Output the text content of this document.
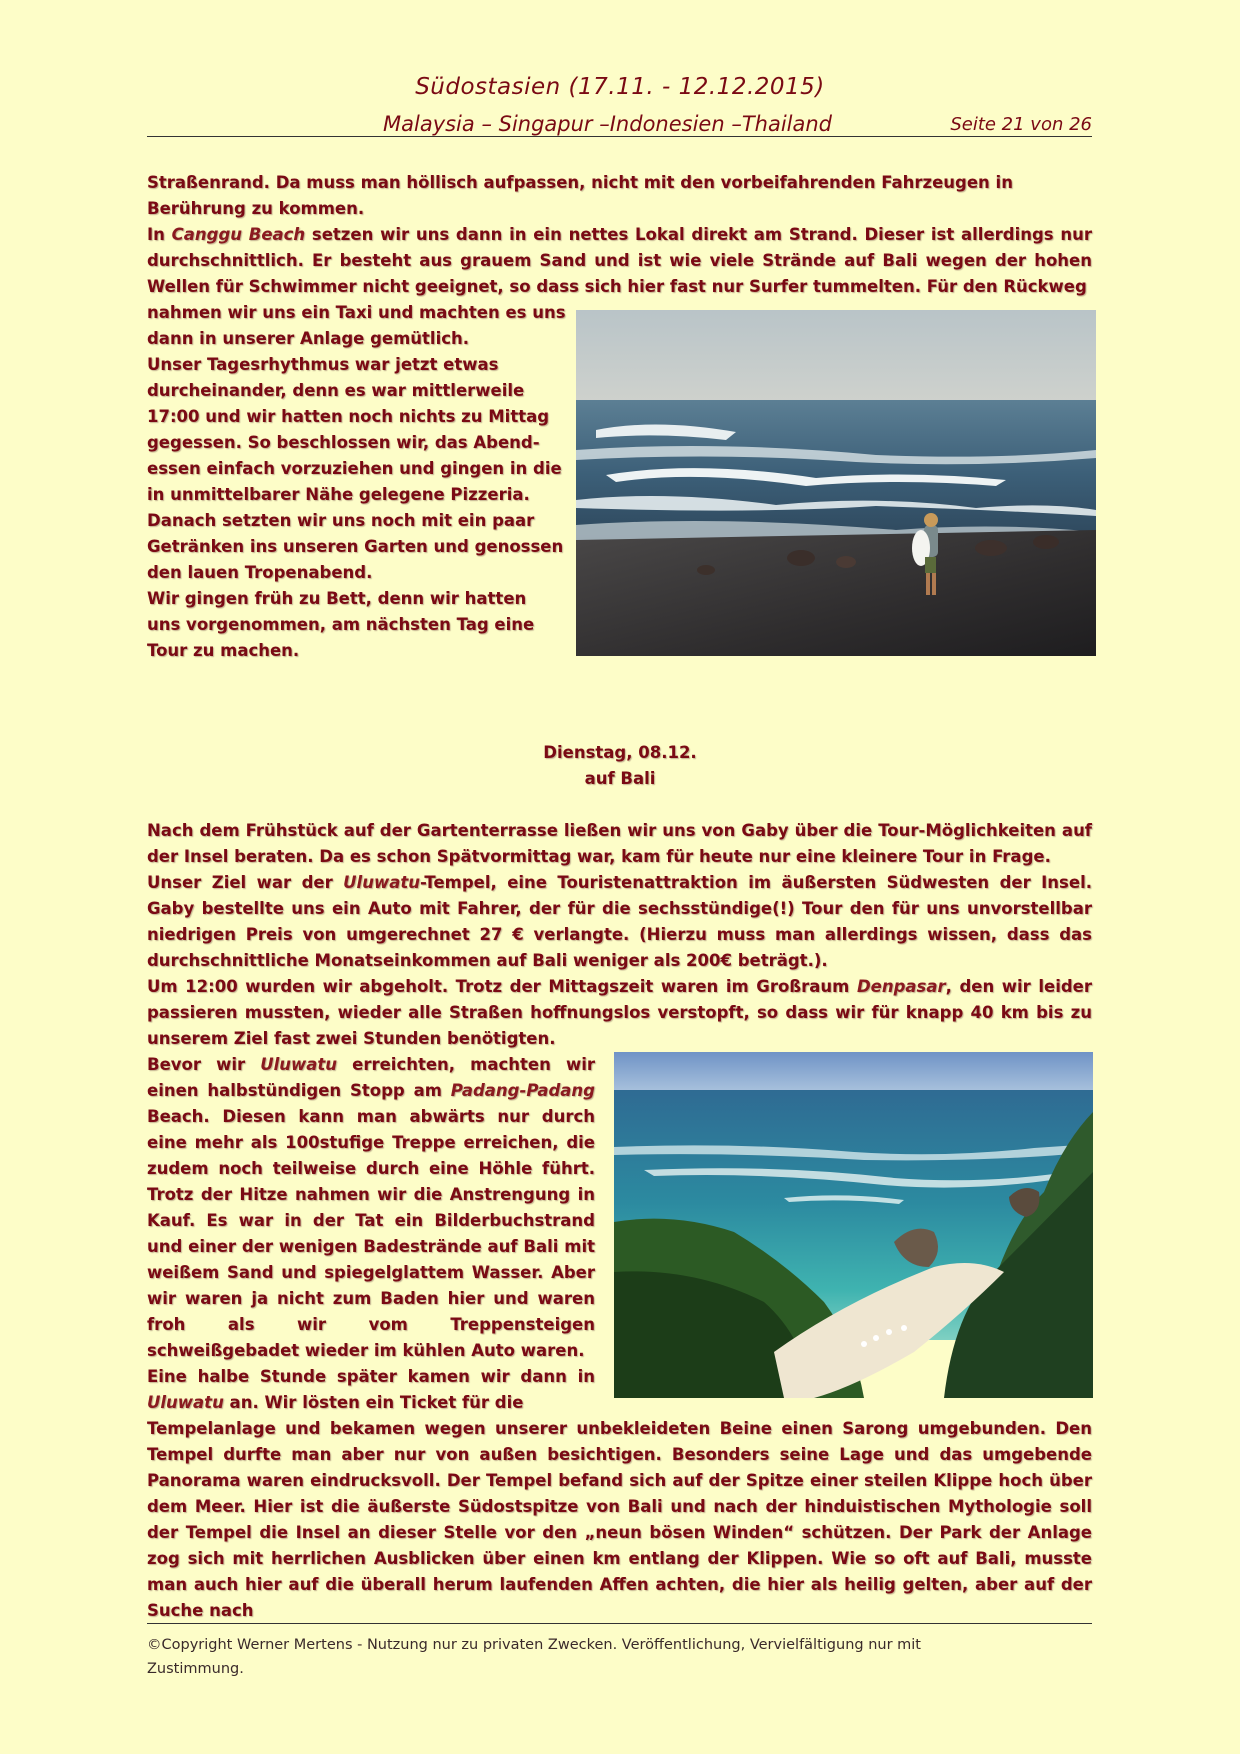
Südostasien (17.11. - 12.12.2015)
Malaysia – Singapur –Indonesien –Thailand	Seite 21 von 26

Straßenrand. Da muss man höllisch aufpassen, nicht mit den vorbeifahrenden Fahrzeugen in Berührung zu kommen.

In Canggu Beach setzen wir uns dann in ein nettes Lokal direkt am Strand. Dieser ist allerdings nur durchschnittlich. Er besteht aus grauem Sand und ist wie viele Strände auf Bali wegen der hohen Wellen für Schwimmer nicht geeignet, so dass sich hier fast nur Surfer tummelten. Für den Rückweg

nahmen wir uns ein Taxi und machten es uns
dann in unserer Anlage gemütlich.
Unser Tagesrhythmus war jetzt etwas
durcheinander, denn es war mittlerweile
17:00 und wir hatten noch nichts zu Mittag
gegessen. So beschlossen wir, das Abend-
essen einfach vorzuziehen und gingen in die
in unmittelbarer Nähe gelegene Pizzeria.
Danach setzten wir uns noch mit ein paar
Getränken ins unseren Garten und genossen
den lauen Tropenabend.
Wir gingen früh zu Bett, denn wir hatten
uns vorgenommen, am nächsten Tag eine
Tour zu machen.
Dienstag, 08.12.
auf Bali

Nach dem Frühstück auf der Gartenterrasse ließen wir uns von Gaby über die Tour-Möglichkeiten auf der Insel beraten. Da es schon Spätvormittag war, kam für heute nur eine kleinere Tour in Frage.

Unser Ziel war der Uluwatu-Tempel, eine Touristenattraktion im äußersten Südwesten der Insel. Gaby bestellte uns ein Auto mit Fahrer, der für die sechsstündige(!) Tour den für uns unvorstellbar niedrigen Preis von umgerechnet 27 € verlangte. (Hierzu muss man allerdings wissen, dass das durchschnittliche Monatseinkommen auf Bali weniger als 200€ beträgt.).

Um 12:00 wurden wir abgeholt. Trotz der Mittagszeit waren im Großraum Denpasar, den wir leider passieren mussten, wieder alle Straßen hoffnungslos verstopft, so dass wir für knapp 40 km bis zu unserem Ziel fast zwei Stunden benötigten.

Bevor wir Uluwatu erreichten, machten wir einen halbstündigen Stopp am Padang-Padang Beach. Diesen kann man abwärts nur durch eine mehr als 100stufige Treppe erreichen, die zudem noch teilweise durch eine Höhle führt. Trotz der Hitze nahmen wir die Anstrengung in Kauf. Es war in der Tat ein Bilderbuchstrand und einer der wenigen Badestrände auf Bali mit weißem Sand und spiegelglattem Wasser. Aber wir waren ja nicht zum Baden hier und waren froh als wir vom Treppensteigen schweißgebadet wieder im kühlen Auto waren.

Eine halbe Stunde später kamen wir dann in Uluwatu an. Wir lösten ein Ticket für die

Tempelanlage und bekamen wegen unserer unbekleideten Beine einen Sarong umgebunden. Den Tempel durfte man aber nur von außen besichtigen. Besonders seine Lage und das umgebende Panorama waren eindrucksvoll. Der Tempel befand sich auf der Spitze einer steilen Klippe hoch über dem Meer. Hier ist die äußerste Südostspitze von Bali und nach der hinduistischen Mythologie soll der Tempel die Insel an dieser Stelle vor den „neun bösen Winden“ schützen. Der Park der Anlage zog sich mit herrlichen Ausblicken über einen km entlang der Klippen. Wie so oft auf Bali, musste man auch hier auf die überall herum laufenden Affen achten, die hier als heilig gelten, aber auf der Suche nach

©Copyright Werner Mertens - Nutzung nur zu privaten Zwecken. Veröffentlichung, Vervielfältigung nur mit Zustimmung.
